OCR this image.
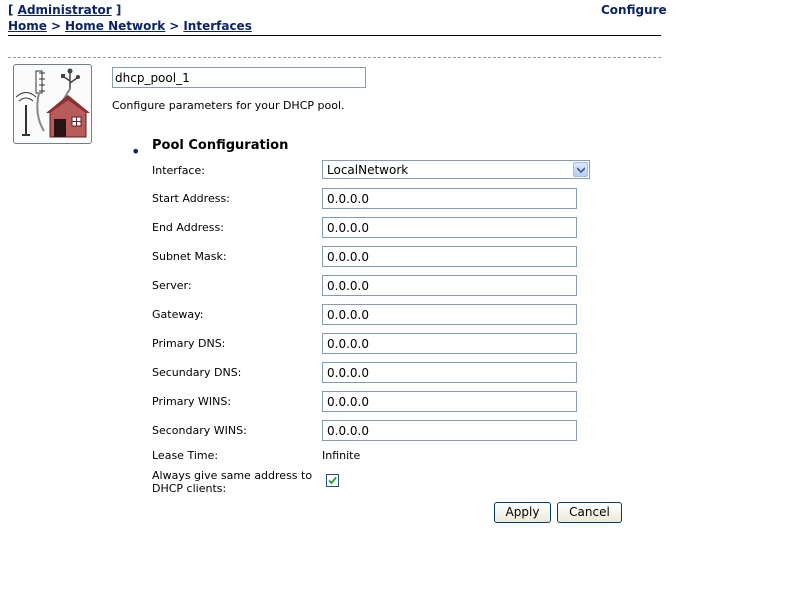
[ Administrator ]	Configure
Home > Home Network > Interfaces
dhcp_pool_1
Configure parameters for your DHCP pool.
• Pool Configuration
Interface:	LocalNetwork
Start Address:
0.0.0.0
End Address:
0.0.0.0
Subnet Mask:
0.0.0.0
Server:
0.0.0.0
Gateway:
0.0.0.0
Primary DNS:
0.0.0.0
Secundary DNS:
0.0.0.0
Primary WINS:
0.0.0.0
Secondary WINS:
0.0.0.0
Lease Time:	Infinite
Always give same address to
DHCP clients:
Apply	Cancel
